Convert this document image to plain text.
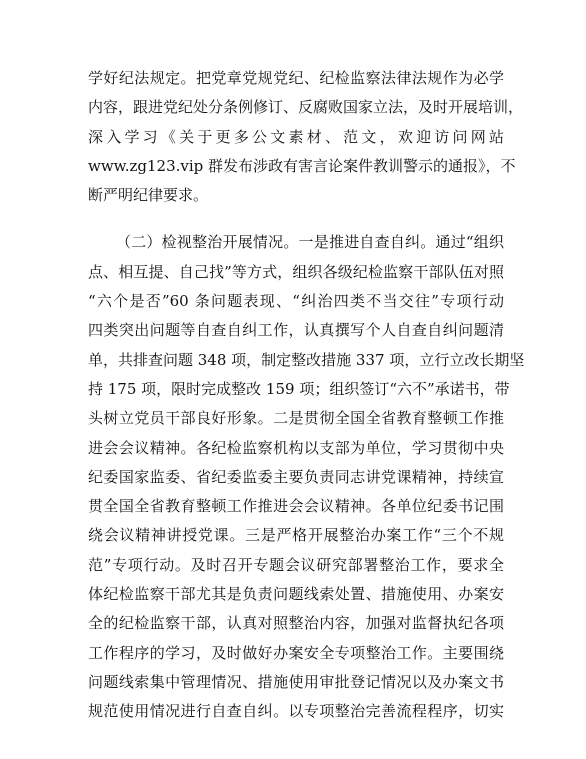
学好纪法规定。把党章党规党纪、纪检监察法律法规作为必学
内容，跟进党纪处分条例修订、反腐败国家立法，及时开展培训，
深入学习《关于更多公文素材、范文，欢迎访问网站
www.zg123.vip 群发布涉政有害言论案件教训警示的通报》，不
断严明纪律要求。
（二）检视整治开展情况。一是推进自查自纠。通过“组织
点、相互提、自己找”等方式，组织各级纪检监察干部队伍对照
“六个是否”60 条问题表现、“纠治四类不当交往”专项行动
四类突出问题等自查自纠工作，认真撰写个人自查自纠问题清
单，共排查问题 348 项，制定整改措施 337 项，立行立改长期坚
持 175 项，限时完成整改 159 项；组织签订“六不”承诺书，带
头树立党员干部良好形象。二是贯彻全国全省教育整顿工作推
进会会议精神。各纪检监察机构以支部为单位，学习贯彻中央
纪委国家监委、省纪委监委主要负责同志讲党课精神，持续宣
贯全国全省教育整顿工作推进会会议精神。各单位纪委书记围
绕会议精神讲授党课。三是严格开展整治办案工作“三个不规
范”专项行动。及时召开专题会议研究部署整治工作，要求全
体纪检监察干部尤其是负责问题线索处置、措施使用、办案安
全的纪检监察干部，认真对照整治内容，加强对监督执纪各项
工作程序的学习，及时做好办案安全专项整治工作。主要围绕
问题线索集中管理情况、措施使用审批登记情况以及办案文书
规范使用情况进行自查自纠。以专项整治完善流程程序，切实
